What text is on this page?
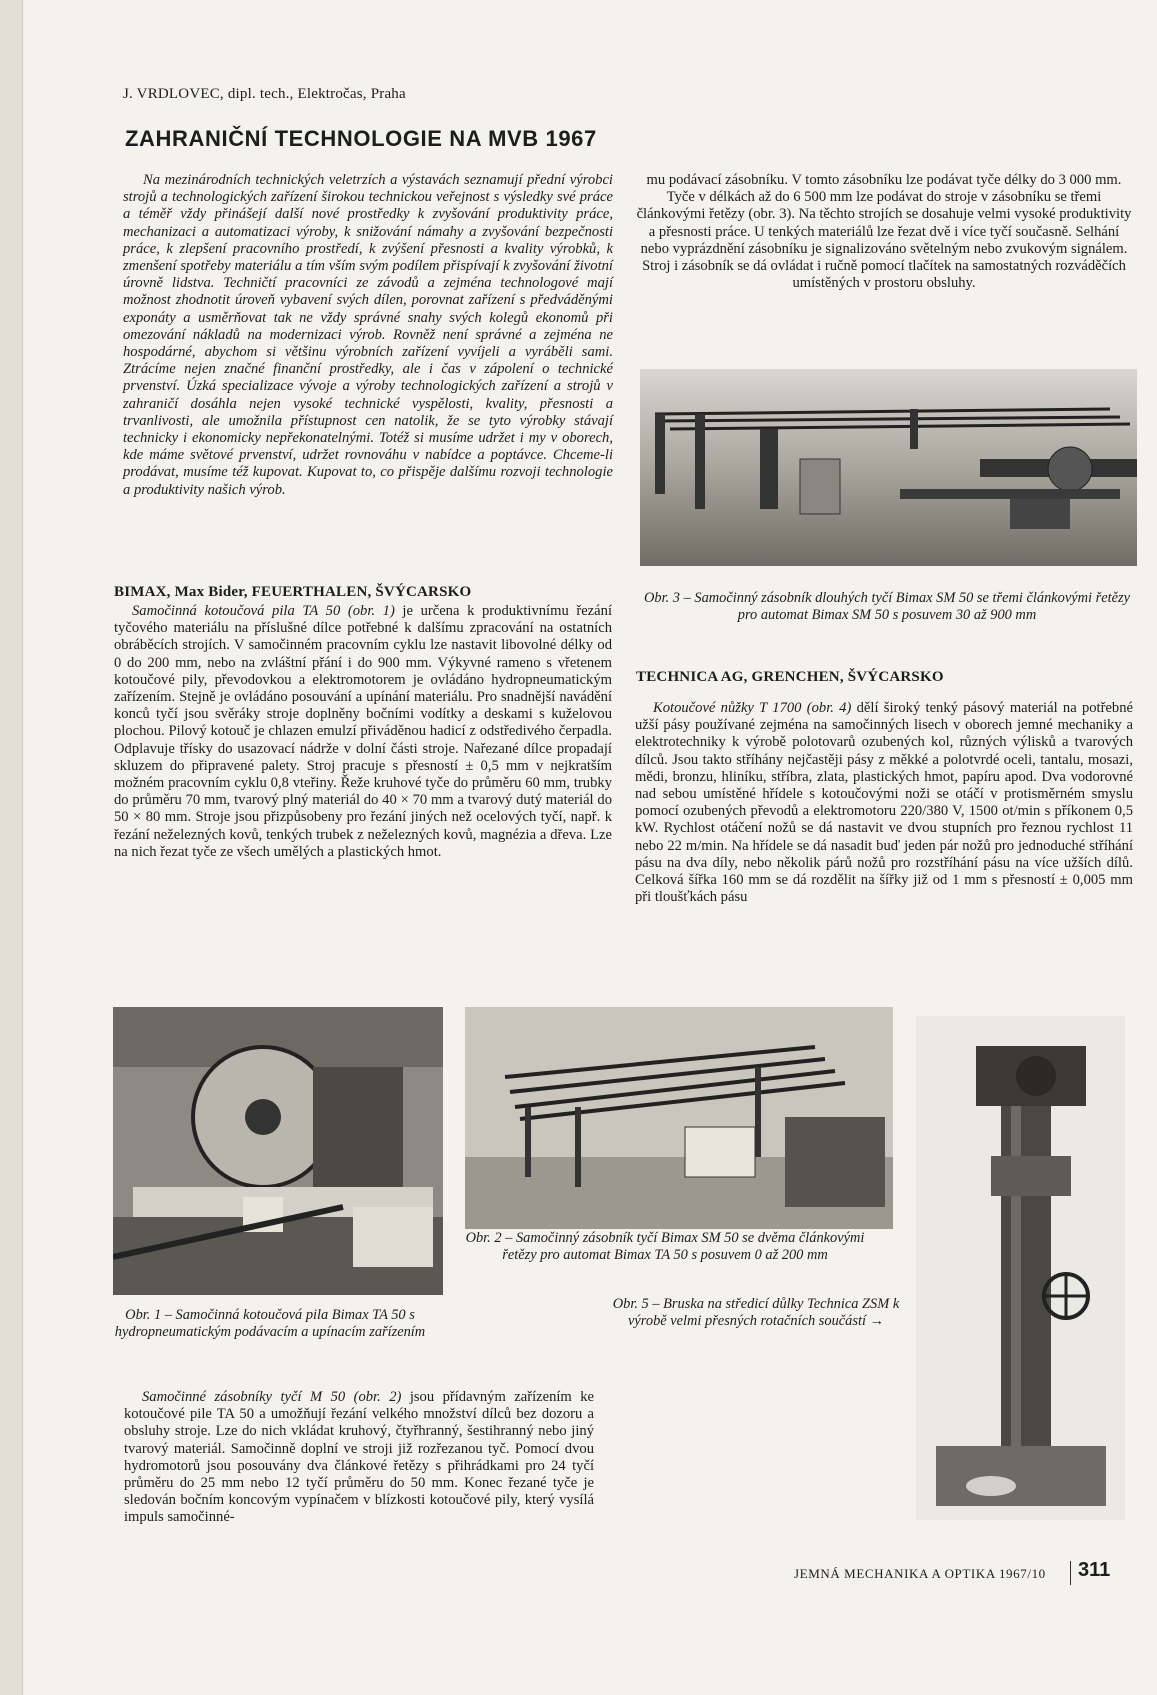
J. VRDLOVEC, dipl. tech., Elektročas, Praha
ZAHRANIČNÍ TECHNOLOGIE NA MVB 1967
Na mezinárodních technických veletrzích a výstavách seznamují přední výrobci strojů a technologických zařízení širokou technickou veřejnost s výsledky své práce a téměř vždy přinášejí další nové prostředky k zvyšování produktivity práce, mechanizaci a automatizaci výroby, k snižování námahy a zvyšování bezpečnosti práce, k zlepšení pracovního prostředí, k zvýšení přesnosti a kvality výrobků, k zmenšení spotřeby materiálu a tím vším svým podílem přispívají k zvyšování životní úrovně lidstva. Techničtí pracovníci ze závodů a zejména technologové mají možnost zhodnotit úroveň vybavení svých dílen, porovnat zařízení s předváděnými exponáty a usměrňovat tak ne vždy správné snahy svých kolegů ekonomů při omezování nákladů na modernizaci výrob. Rovněž není správné a zejména ne hospodárné, abychom si většinu výrobních zařízení vyvíjeli a vyráběli sami. Ztrácíme nejen značné finanční prostředky, ale i čas v zápolení o technické prvenství. Úzká specializace vývoje a výroby technologických zařízení a strojů v zahraničí dosáhla nejen vysoké technické vyspělosti, kvality, přesnosti a trvanlivosti, ale umožnila přístupnost cen natolik, že se tyto výrobky stávají technicky i ekonomicky nepřekonatelnými. Totéž si musíme udržet i my v oborech, kde máme světové prvenství, udržet rovnováhu v nabídce a poptávce. Chceme-li prodávat, musíme též kupovat. Kupovat to, co přispěje dalšímu rozvoji technologie a produktivity našich výrob.
mu podávací zásobníku. V tomto zásobníku lze podávat tyče délky do 3 000 mm. Tyče v délkách až do 6 500 mm lze podávat do stroje v zásobníku se třemi článkovými řetězy (obr. 3). Na těchto strojích se dosahuje velmi vysoké produktivity a přesnosti práce. U tenkých materiálů lze řezat dvě i více tyčí současně. Selhání nebo vyprázdnění zásobníku je signalizováno světelným nebo zvukovým signálem. Stroj i zásobník se dá ovládat i ručně pomocí tlačítek na samostatných rozváděčích umístěných v prostoru obsluhy.
Obr. 3 – Samočinný zásobník dlouhých tyčí Bimax SM 50 se třemi článkovými řetězy pro automat Bimax SM 50 s posuvem 30 až 900 mm
BIMAX, Max Bider, FEUERTHALEN, ŠVÝCARSKO
Samočinná kotoučová pila TA 50 (obr. 1) je určena k produktivnímu řezání tyčového materiálu na příslušné dílce potřebné k dalšímu zpracování na ostatních obráběcích strojích. V samočinném pracovním cyklu lze nastavit libovolné délky od 0 do 200 mm, nebo na zvláštní přání i do 900 mm. Výkyvné rameno s vřetenem kotoučové pily, převodovkou a elektromotorem je ovládáno hydropneumatickým zařízením. Stejně je ovládáno posouvání a upínání materiálu. Pro snadnější navádění konců tyčí jsou svěráky stroje doplněny bočními vodítky a deskami s kuželovou plochou. Pilový kotouč je chlazen emulzí přiváděnou hadicí z odstředivého čerpadla. Odplavuje třísky do usazovací nádrže v dolní části stroje. Nařezané dílce propadají skluzem do připravené palety. Stroj pracuje s přesností ± 0,5 mm v nejkratším možném pracovním cyklu 0,8 vteřiny. Řeže kruhové tyče do průměru 60 mm, trubky do průměru 70 mm, tvarový plný materiál do 40 × 70 mm a tvarový dutý materiál do 50 × 80 mm. Stroje jsou přizpůsobeny pro řezání jiných než ocelových tyčí, např. k řezání neželezných kovů, tenkých trubek z neželezných kovů, magnézia a dřeva. Lze na nich řezat tyče ze všech umělých a plastických hmot.
TECHNICA AG, GRENCHEN, ŠVÝCARSKO
Kotoučové nůžky T 1700 (obr. 4) dělí široký tenký pásový materiál na potřebné užší pásy používané zejména na samočinných lisech v oborech jemné mechaniky a elektrotechniky k výrobě polotovarů ozubených kol, různých výlisků a tvarových dílců. Jsou takto stříhány nejčastěji pásy z měkké a polotvrdé oceli, tantalu, mosazi, mědi, bronzu, hliníku, stříbra, zlata, plastických hmot, papíru apod. Dva vodorovné nad sebou umístěné hřídele s kotoučovými noži se otáčí v protisměrném smyslu pomocí ozubených převodů a elektromotoru 220/380 V, 1500 ot/min s příkonem 0,5 kW. Rychlost otáčení nožů se dá nastavit ve dvou stupních pro řeznou rychlost 11 nebo 22 m/min. Na hřídele se dá nasadit buď jeden pár nožů pro jednoduché stříhání pásu na dva díly, nebo několik párů nožů pro rozstříhání pásu na více užších dílů. Celková šířka 160 mm se dá rozdělit na šířky již od 1 mm s přesností ± 0,005 mm při tloušťkách pásu
Obr. 1 – Samočinná kotoučová pila Bimax TA 50 s hydropneumatickým podávacím a upínacím zařízením
Obr. 2 – Samočinný zásobník tyčí Bimax SM 50 se dvěma článkovými řetězy pro automat Bimax TA 50 s posuvem 0 až 200 mm
Obr. 5 – Bruska na středicí důlky Technica ZSM k výrobě velmi přesných rotačních součástí →
Samočinné zásobníky tyčí M 50 (obr. 2) jsou přídavným zařízením ke kotoučové pile TA 50 a umožňují řezání velkého množství dílců bez dozoru a obsluhy stroje. Lze do nich vkládat kruhový, čtyřhranný, šestihranný nebo jiný tvarový materiál. Samočinně doplní ve stroji již rozřezanou tyč. Pomocí dvou hydromotorů jsou posouvány dva článkové řetězy s přihrádkami pro 24 tyčí průměru do 25 mm nebo 12 tyčí průměru do 50 mm. Konec řezané tyče je sledován bočním koncovým vypínačem v blízkosti kotoučové pily, který vysílá impuls samočinné-
JEMNÁ MECHANIKA A OPTIKA 1967/10 311
